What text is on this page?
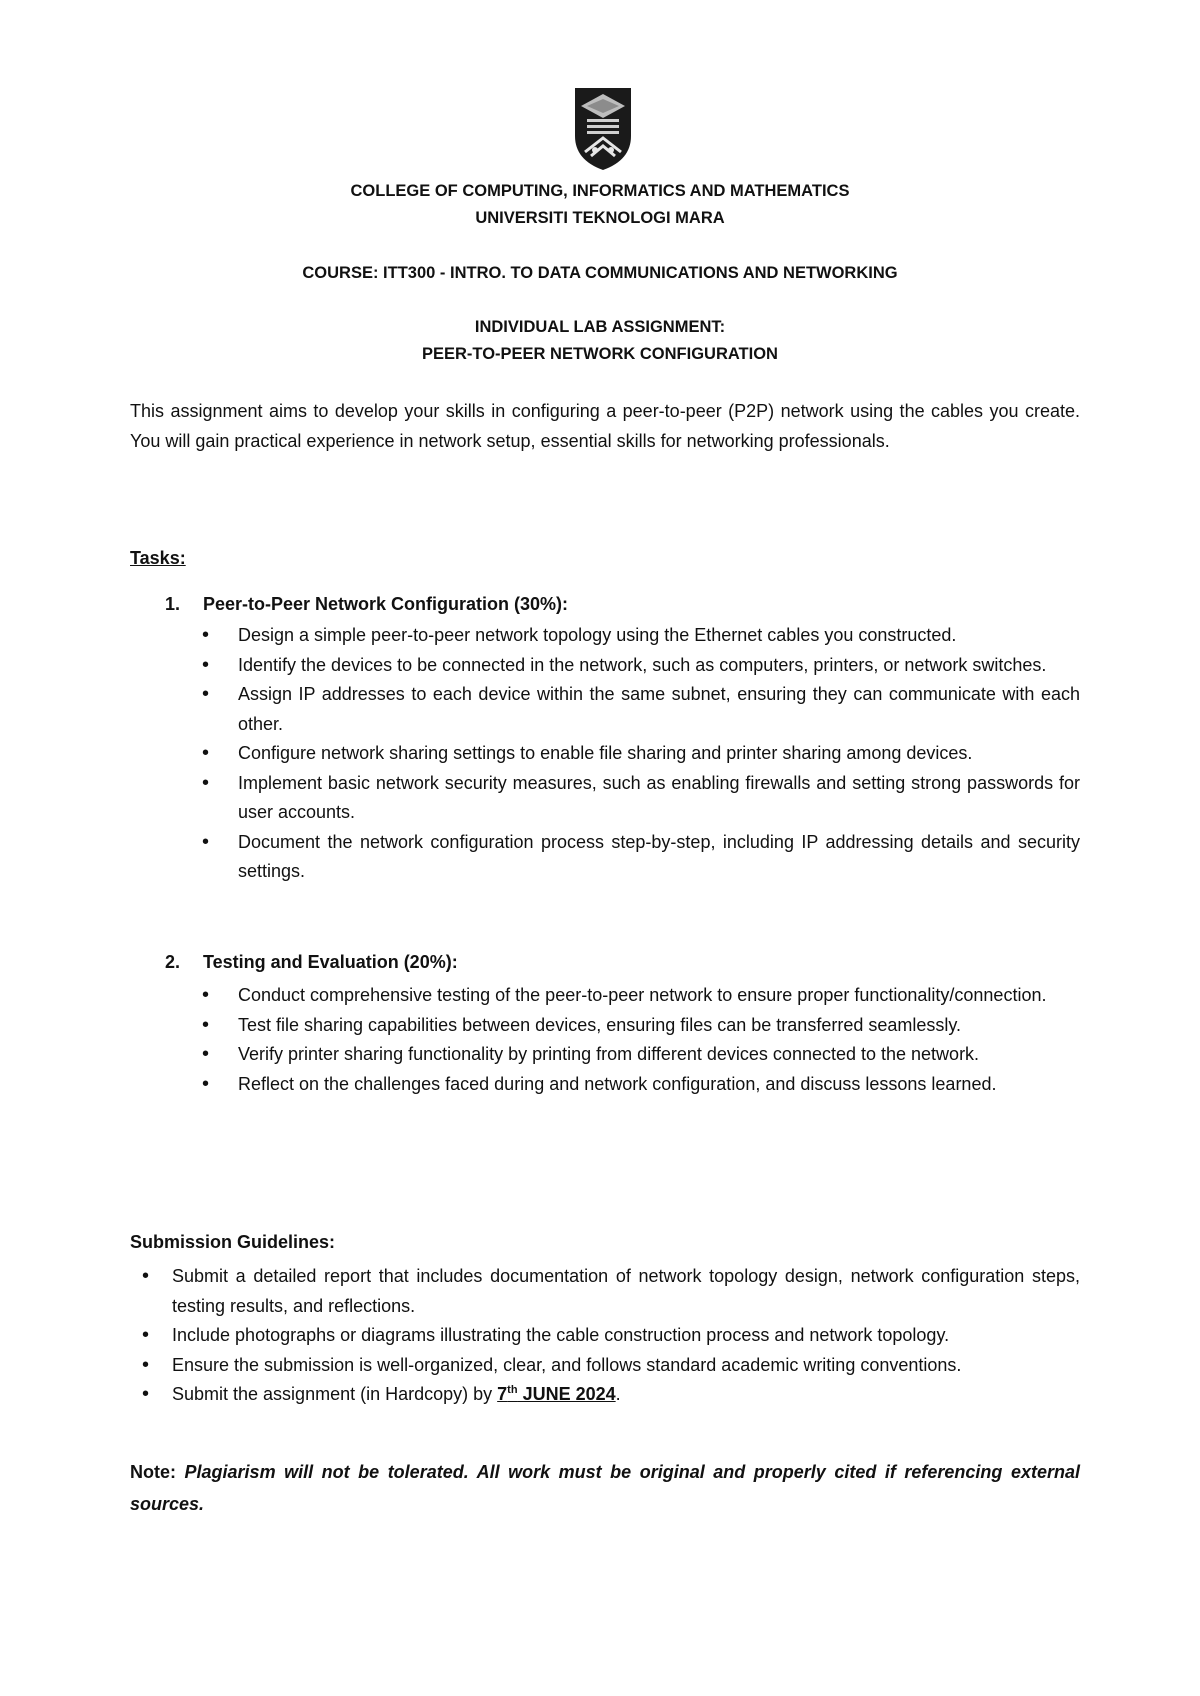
COLLEGE OF COMPUTING, INFORMATICS AND MATHEMATICS
UNIVERSITI TEKNOLOGI MARA
COURSE: ITT300 - INTRO. TO DATA COMMUNICATIONS AND NETWORKING
INDIVIDUAL LAB ASSIGNMENT:
PEER-TO-PEER NETWORK CONFIGURATION

This assignment aims to develop your skills in configuring a peer-to-peer (P2P) network using the cables you create. You will gain practical experience in network setup, essential skills for networking professionals.

Tasks:

1. Peer-to-Peer Network Configuration (30%):

• Design a simple peer-to-peer network topology using the Ethernet cables you constructed.
• Identify the devices to be connected in the network, such as computers, printers, or network switches.
• Assign IP addresses to each device within the same subnet, ensuring they can communicate with each other.
• Configure network sharing settings to enable file sharing and printer sharing among devices.
• Implement basic network security measures, such as enabling firewalls and setting strong passwords for user accounts.
• Document the network configuration process step-by-step, including IP addressing details and security settings.

2. Testing and Evaluation (20%):

• Conduct comprehensive testing of the peer-to-peer network to ensure proper functionality/connection.
• Test file sharing capabilities between devices, ensuring files can be transferred seamlessly.
• Verify printer sharing functionality by printing from different devices connected to the network.
• Reflect on the challenges faced during and network configuration, and discuss lessons learned.

Submission Guidelines:

• Submit a detailed report that includes documentation of network topology design, network configuration steps, testing results, and reflections.
• Include photographs or diagrams illustrating the cable construction process and network topology.
• Ensure the submission is well-organized, clear, and follows standard academic writing conventions.
• Submit the assignment (in Hardcopy) by 7th JUNE 2024.

Note: Plagiarism will not be tolerated. All work must be original and properly cited if referencing external sources.
